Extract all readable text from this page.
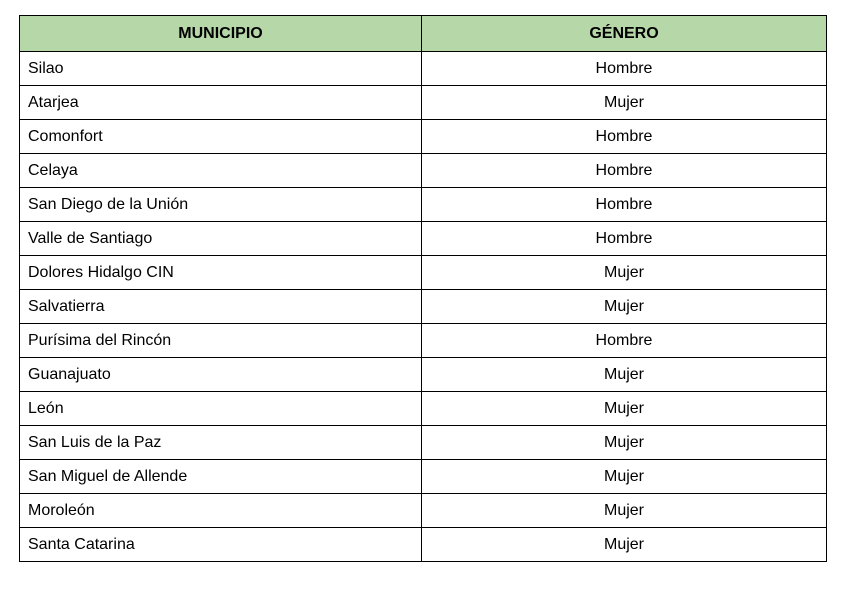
MUNICIPIO	GÉNERO
Silao	Hombre
Atarjea	Mujer
Comonfort	Hombre
Celaya	Hombre
San Diego de la Unión	Hombre
Valle de Santiago	Hombre
Dolores Hidalgo CIN	Mujer
Salvatierra	Mujer
Purísima del Rincón	Hombre
Guanajuato	Mujer
León	Mujer
San Luis de la Paz	Mujer
San Miguel de Allende	Mujer
Moroleón	Mujer
Santa Catarina	Mujer
